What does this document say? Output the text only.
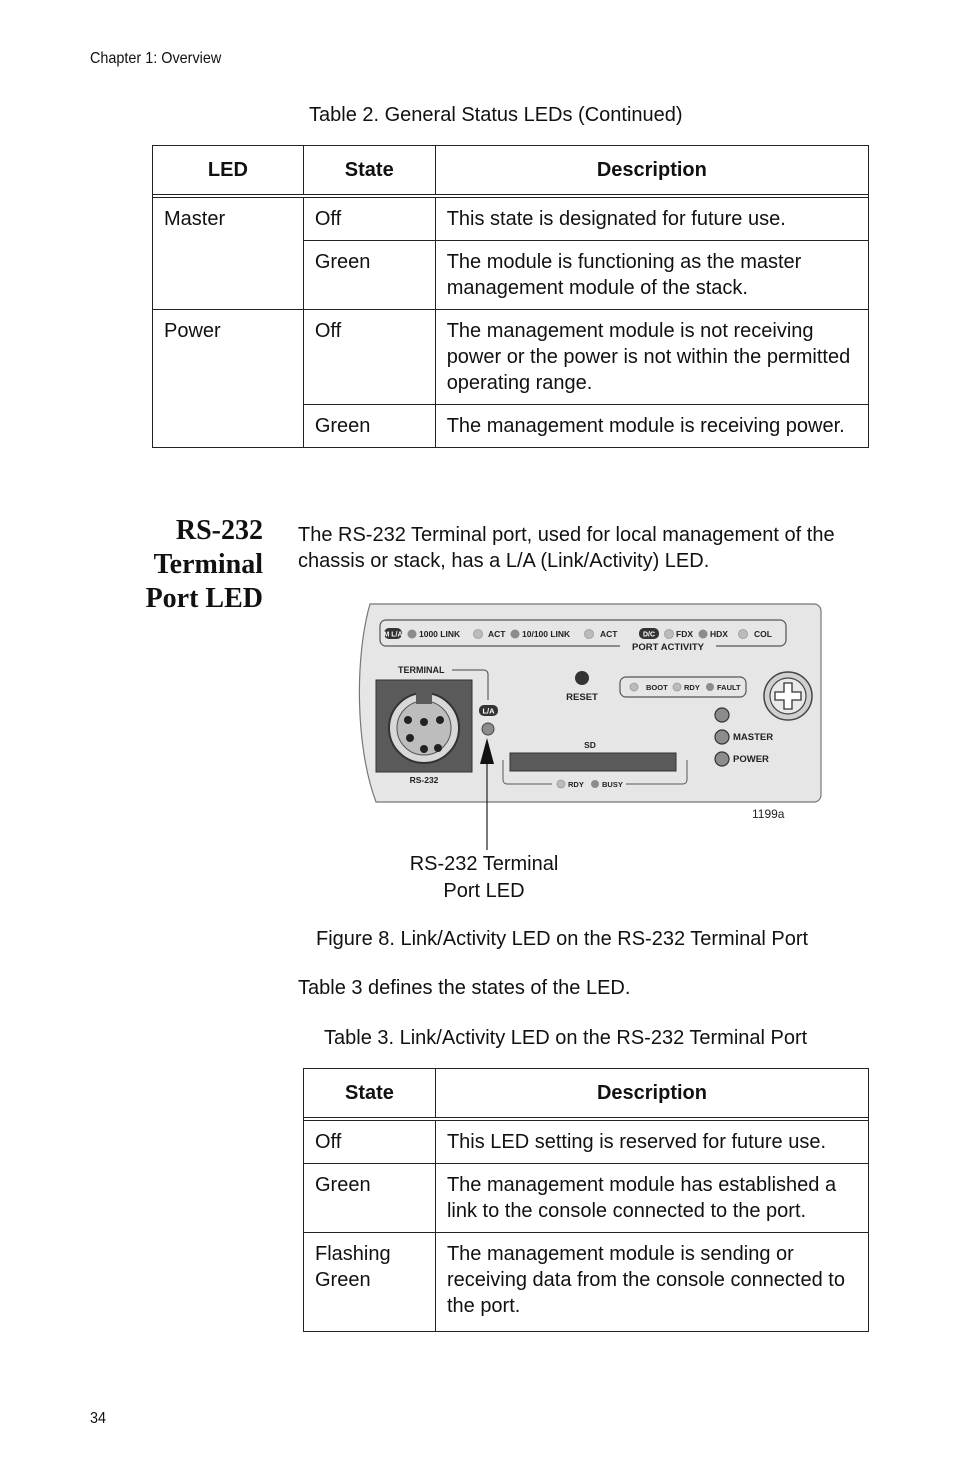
Chapter 1: Overview
Table 2. General Status LEDs (Continued)
LED	State	Description

Master	Off	This state is designated for future use.
	Green	The module is functioning as the master management module of the stack.
Power	Off	The management module is not receiving power or the power is not within the permitted operating range.
	Green	The management module is receiving power.
RS-232
Terminal
Port LED
The RS-232 Terminal port, used for local management of the chassis or stack, has a L/A (Link/Activity) LED.
M L/A 1000 LINK	ACT 10/100 LINK	ACT	D/C FDX HDX	COL
PORT ACTIVITY
TERMINAL
RS-232
L/A
RESET
BOOT RDY FAULT
MASTER
POWER
SD
RDY BUSY
1199a
RS-232 Terminal
Port LED
Figure 8. Link/Activity LED on the RS-232 Terminal Port
Table 3 defines the states of the LED.
Table 3. Link/Activity LED on the RS-232 Terminal Port
State	Description

Off	This LED setting is reserved for future use.
Green	The management module has established a link to the console connected to the port.
Flashing Green	The management module is sending or receiving data from the console connected to the port.
34
